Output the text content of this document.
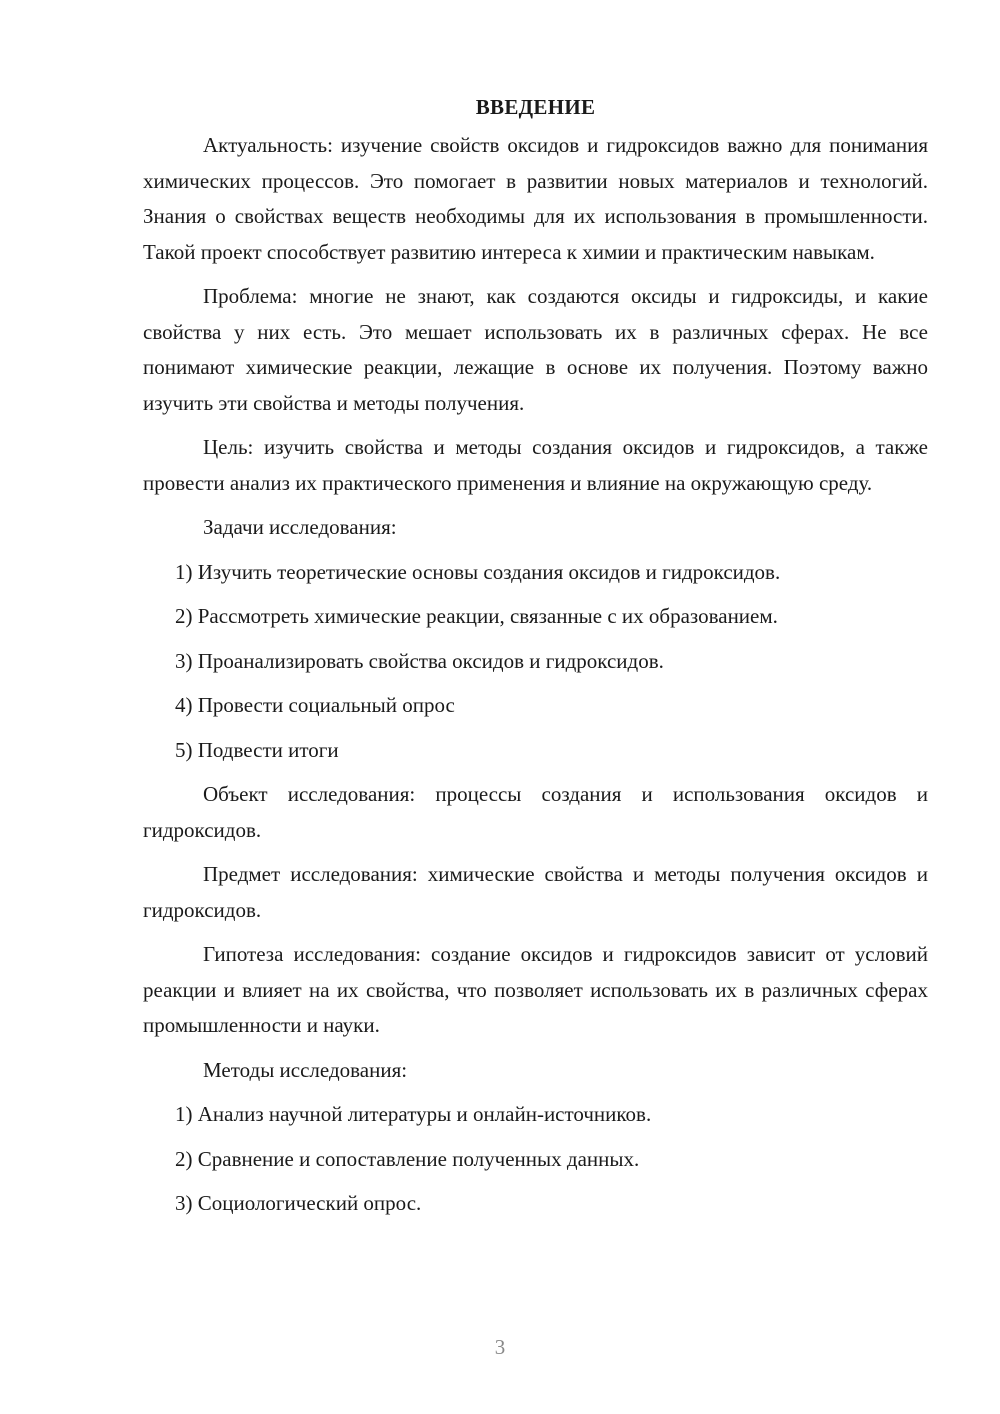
ВВЕДЕНИЕ

Актуальность: изучение свойств оксидов и гидроксидов важно для понимания химических процессов. Это помогает в развитии новых материалов и технологий. Знания о свойствах веществ необходимы для их использования в промышленности. Такой проект способствует развитию интереса к химии и практическим навыкам.

Проблема: многие не знают, как создаются оксиды и гидроксиды, и какие свойства у них есть. Это мешает использовать их в различных сферах. Не все понимают химические реакции, лежащие в основе их получения. Поэтому важно изучить эти свойства и методы получения.

Цель: изучить свойства и методы создания оксидов и гидроксидов, а также провести анализ их практического применения и влияние на окружающую среду.

Задачи исследования:

1) Изучить теоретические основы создания оксидов и гидроксидов.

2) Рассмотреть химические реакции, связанные с их образованием.

3) Проанализировать свойства оксидов и гидроксидов.

4) Провести социальный опрос

5) Подвести итоги

Объект исследования: процессы создания и использования оксидов и гидроксидов.

Предмет исследования: химические свойства и методы получения оксидов и гидроксидов.

Гипотеза исследования: создание оксидов и гидроксидов зависит от условий реакции и влияет на их свойства, что позволяет использовать их в различных сферах промышленности и науки.

Методы исследования:

1) Анализ научной литературы и онлайн-источников.

2) Сравнение и сопоставление полученных данных.

3) Социологический опрос.

3
